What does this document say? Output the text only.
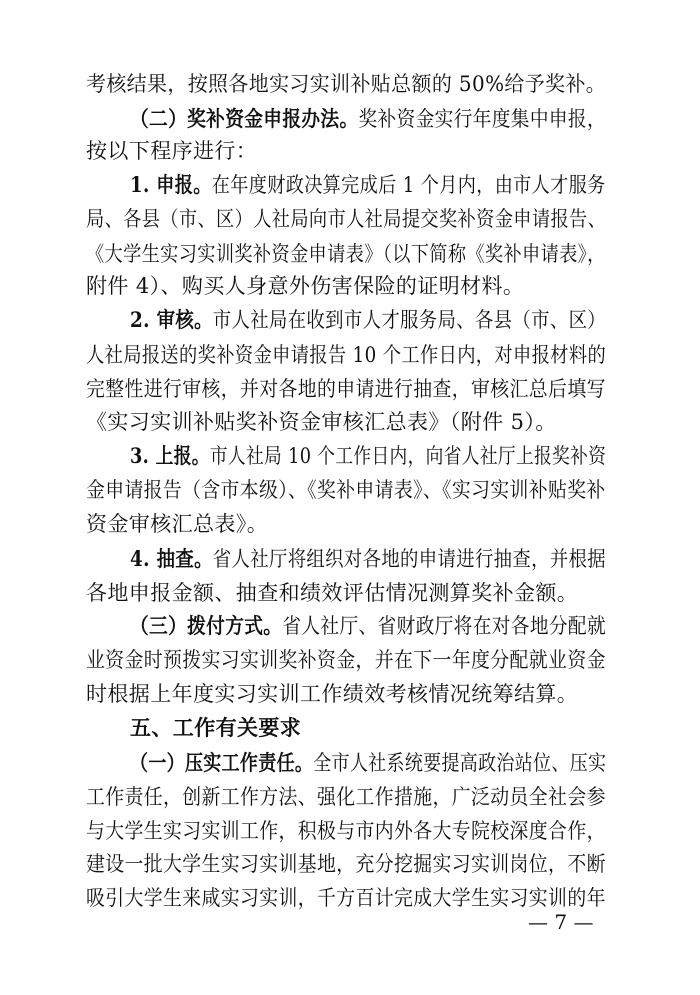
考核结果，按照各地实习实训补贴总额的 50%给予奖补。
（二）奖补资金申报办法。奖补资金实行年度集中申报，
按以下程序进行：
1. 申报。在年度财政决算完成后 1 个月内，由市人才服务
局、各县（市、区）人社局向市人社局提交奖补资金申请报告、
《大学生实习实训奖补资金申请表》（以下简称《奖补申请表》，
附件 4）、购买人身意外伤害保险的证明材料。
2. 审核。市人社局在收到市人才服务局、各县（市、区）
人社局报送的奖补资金申请报告 10 个工作日内，对申报材料的
完整性进行审核，并对各地的申请进行抽查，审核汇总后填写
《实习实训补贴奖补资金审核汇总表》（附件 5）。
3. 上报。市人社局 10 个工作日内，向省人社厅上报奖补资
金申请报告（含市本级）、《奖补申请表》、《实习实训补贴奖补
资金审核汇总表》。
4. 抽查。省人社厅将组织对各地的申请进行抽查，并根据
各地申报金额、抽查和绩效评估情况测算奖补金额。
（三）拨付方式。省人社厅、省财政厅将在对各地分配就
业资金时预拨实习实训奖补资金，并在下一年度分配就业资金
时根据上年度实习实训工作绩效考核情况统筹结算。
五、工作有关要求
（一）压实工作责任。全市人社系统要提高政治站位、压实
工作责任，创新工作方法、强化工作措施，广泛动员全社会参
与大学生实习实训工作，积极与市内外各大专院校深度合作，
建设一批大学生实习实训基地，充分挖掘实习实训岗位，不断
吸引大学生来咸实习实训，千方百计完成大学生实习实训的年
— 7 —
